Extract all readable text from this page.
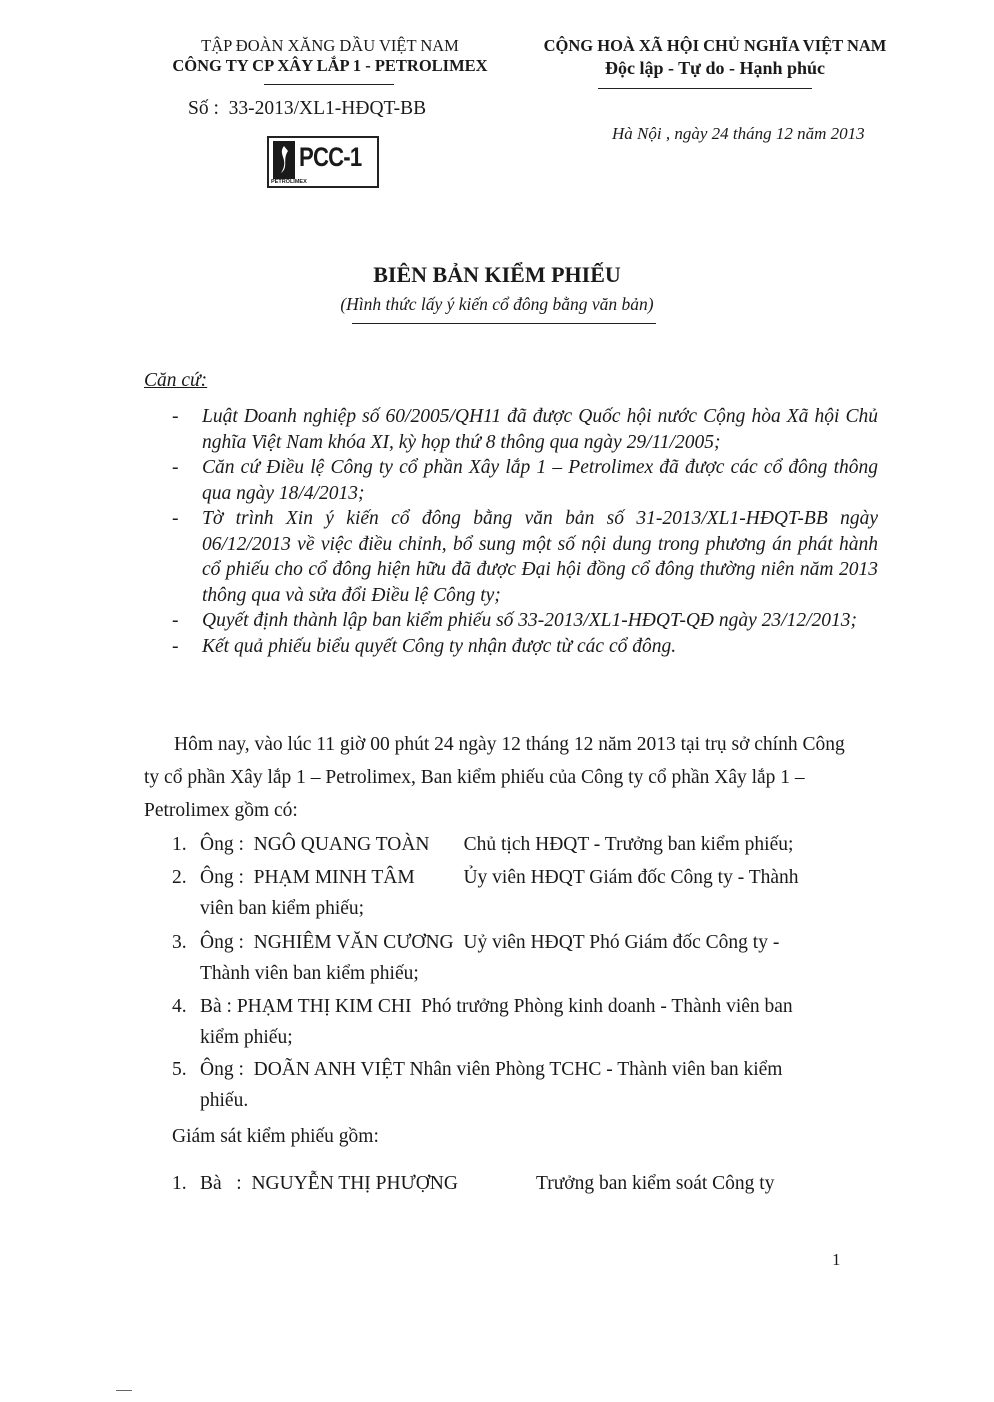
TẬP ĐOÀN XĂNG DẦU VIỆT NAM
CÔNG TY CP XÂY LẮP 1 - PETROLIMEX
CỘNG HOÀ XÃ HỘI CHỦ NGHĨA VIỆT NAM
Độc lập - Tự do - Hạnh phúc
Số :  33-2013/XL1-HĐQT-BB
Hà Nội , ngày 24 tháng 12 năm 2013
PCC-1
PETROLIMEX
BIÊN BẢN KIỂM PHIẾU
(Hình thức lấy ý kiến cổ đông bằng văn bản)
Căn cứ:
- Luật Doanh nghiệp số 60/2005/QH11 đã được Quốc hội nước Cộng hòa Xã hội Chủ nghĩa Việt Nam khóa XI, kỳ họp thứ 8 thông qua ngày 29/11/2005;
- Căn cứ Điều lệ Công ty cổ phần Xây lắp 1 – Petrolimex đã được các cổ đông thông qua ngày 18/4/2013;
- Tờ trình Xin ý kiến cổ đông bằng văn bản số 31-2013/XL1-HĐQT-BB ngày 06/12/2013 về việc điều chỉnh, bổ sung một số nội dung trong phương án phát hành cổ phiếu cho cổ đông hiện hữu đã được Đại hội đồng cổ đông thường niên năm 2013 thông qua và sửa đổi Điều lệ Công ty;
- Quyết định thành lập ban kiểm phiếu số 33-2013/XL1-HĐQT-QĐ ngày 23/12/2013;
- Kết quả phiếu biểu quyết Công ty nhận được từ các cổ đông.
Hôm nay, vào lúc 11 giờ 00 phút 24 ngày 12 tháng 12 năm 2013 tại trụ sở chính Công ty cổ phần Xây lắp 1 – Petrolimex, Ban kiểm phiếu của Công ty cổ phần Xây lắp 1 – Petrolimex gồm có:
1. Ông :  NGÔ QUANG TOÀN       Chủ tịch HĐQT - Trưởng ban kiểm phiếu;
2. Ông :  PHẠM MINH TÂM          Ủy viên HĐQT Giám đốc Công ty - Thành
viên ban kiểm phiếu;
3. Ông :  NGHIÊM VĂN CƯƠNG  Uỷ viên HĐQT Phó Giám đốc Công ty -
Thành viên ban kiểm phiếu;
4. Bà : PHẠM THỊ KIM CHI  Phó trưởng Phòng kinh doanh - Thành viên ban
kiểm phiếu;
5. Ông :  DOÃN ANH VIỆT Nhân viên Phòng TCHC - Thành viên ban kiểm
phiếu.
Giám sát kiểm phiếu gồm:
1. Bà   :  NGUYỄN THỊ PHƯỢNG	Trưởng ban kiểm soát Công ty
1
